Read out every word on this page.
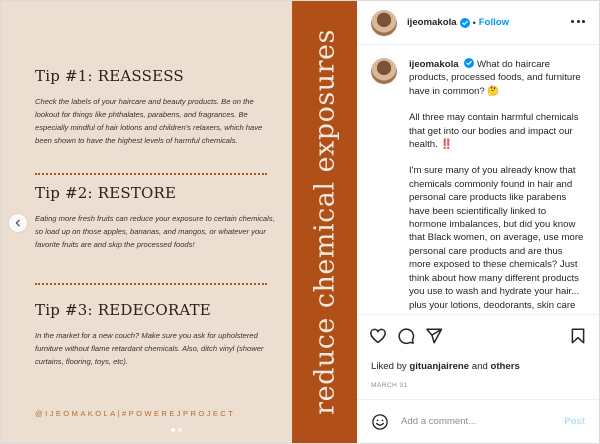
Tip #1: REASSESS
Check the labels of your haircare and beauty products. Be on the lookout for things like phthalates, parabens, and fragrances. Be especially mindful of hair lotions and children's relaxers, which have been shown to have the highest levels of harmful chemicals.
Tip #2: RESTORE
Eating more fresh fruits can reduce your exposure to certain chemicals, so load up on those apples, bananas, and mangos, or whatever your favorite fruits are and skip the processed foods!
Tip #3: REDECORATE
In the market for a new couch? Make sure you ask for upholstered furniture without flame retardant chemicals. Also, ditch vinyl (shower curtains, flooring, toys, etc).
@IJEOMAKOLA|#POWEREJPROJECT	reduce chemical exposures
ijeomakola • Follow
ijeomakola What do haircare products, processed foods, and furniture have in common? 🤔
All three may contain harmful chemicals that get into our bodies and impact our health. ‼️
I'm sure many of you already know that chemicals commonly found in hair and personal care products like parabens have been scientifically linked to hormone imbalances, but did you know that Black women, on average, use more personal care products and are thus more exposed to these chemicals? Just think about how many different products you use to wash and hydrate your hair... plus your lotions, deodorants, skin care
Liked by gituanjairene and others
MARCH 31
Add a comment...
Post
